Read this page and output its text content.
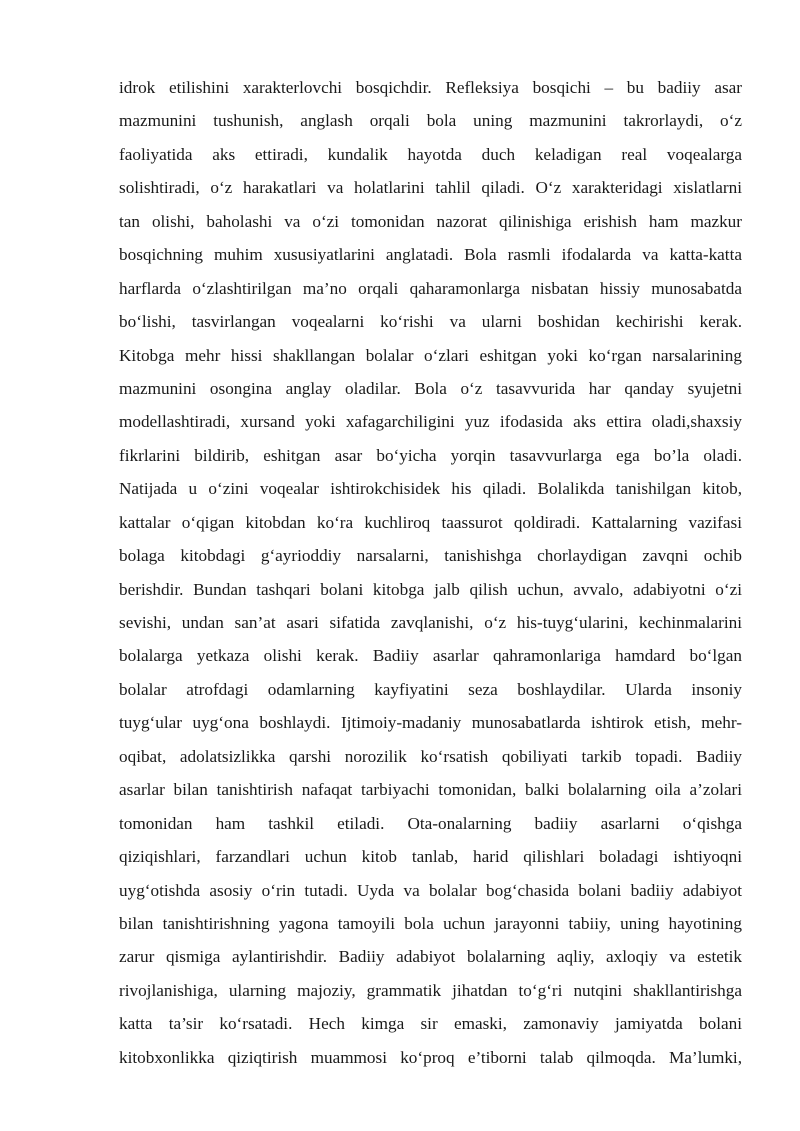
idrok etilishini xarakterlovchi bosqichdir. Refleksiya bosqichi – bu badiiy asar
mazmunini tushunish, anglash orqali bola uning mazmunini takrorlaydi, o‘z
faoliyatida aks ettiradi, kundalik hayotda duch keladigan real voqealarga
solishtiradi, o‘z harakatlari va holatlarini tahlil qiladi. O‘z xarakteridagi xislatlarni
tan olishi, baholashi va o‘zi tomonidan nazorat qilinishiga erishish ham mazkur
bosqichning muhim xususiyatlarini anglatadi. Bola rasmli ifodalarda va katta-katta
harflarda o‘zlashtirilgan ma’no orqali qaharamonlarga nisbatan hissiy munosabatda
bo‘lishi, tasvirlangan voqealarni ko‘rishi va ularni boshidan kechirishi kerak.
Kitobga mehr hissi shakllangan bolalar o‘zlari eshitgan yoki ko‘rgan narsalarining
mazmunini osongina anglay oladilar. Bola o‘z tasavvurida har qanday syujetni
modellashtiradi, xursand yoki xafagarchiligini yuz ifodasida aks ettira oladi,shaxsiy
fikrlarini bildirib, eshitgan asar bo‘yicha yorqin tasavvurlarga ega bo’la oladi.
Natijada u o‘zini voqealar ishtirokchisidek his qiladi. Bolalikda tanishilgan kitob,
kattalar o‘qigan kitobdan ko‘ra kuchliroq taassurot qoldiradi. Kattalarning vazifasi
bolaga kitobdagi g‘ayrioddiy narsalarni, tanishishga chorlaydigan zavqni ochib
berishdir. Bundan tashqari bolani kitobga jalb qilish uchun, avvalo, adabiyotni o‘zi
sevishi, undan san’at asari sifatida zavqlanishi, o‘z his-tuyg‘ularini, kechinmalarini
bolalarga yetkaza olishi kerak. Badiiy asarlar qahramonlariga hamdard bo‘lgan
bolalar atrofdagi odamlarning kayfiyatini seza boshlaydilar. Ularda insoniy
tuyg‘ular uyg‘ona boshlaydi. Ijtimoiy-madaniy munosabatlarda ishtirok etish, mehr-
oqibat, adolatsizlikka qarshi norozilik ko‘rsatish qobiliyati tarkib topadi. Badiiy
asarlar bilan tanishtirish nafaqat tarbiyachi tomonidan, balki bolalarning oila a’zolari
tomonidan ham tashkil etiladi. Ota-onalarning badiiy asarlarni o‘qishga
qiziqishlari, farzandlari uchun kitob tanlab, harid qilishlari boladagi ishtiyoqni
uyg‘otishda asosiy o‘rin tutadi. Uyda va bolalar bog‘chasida bolani badiiy adabiyot
bilan tanishtirishning yagona tamoyili bola uchun jarayonni tabiiy, uning hayotining
zarur qismiga aylantirishdir. Badiiy adabiyot bolalarning aqliy, axloqiy va estetik
rivojlanishiga, ularning majoziy, grammatik jihatdan to‘g‘ri nutqini shakllantirishga
katta ta’sir ko‘rsatadi. Hech kimga sir emaski, zamonaviy jamiyatda bolani
kitobxonlikka qiziqtirish muammosi ko‘proq e’tiborni talab qilmoqda. Ma’lumki,
